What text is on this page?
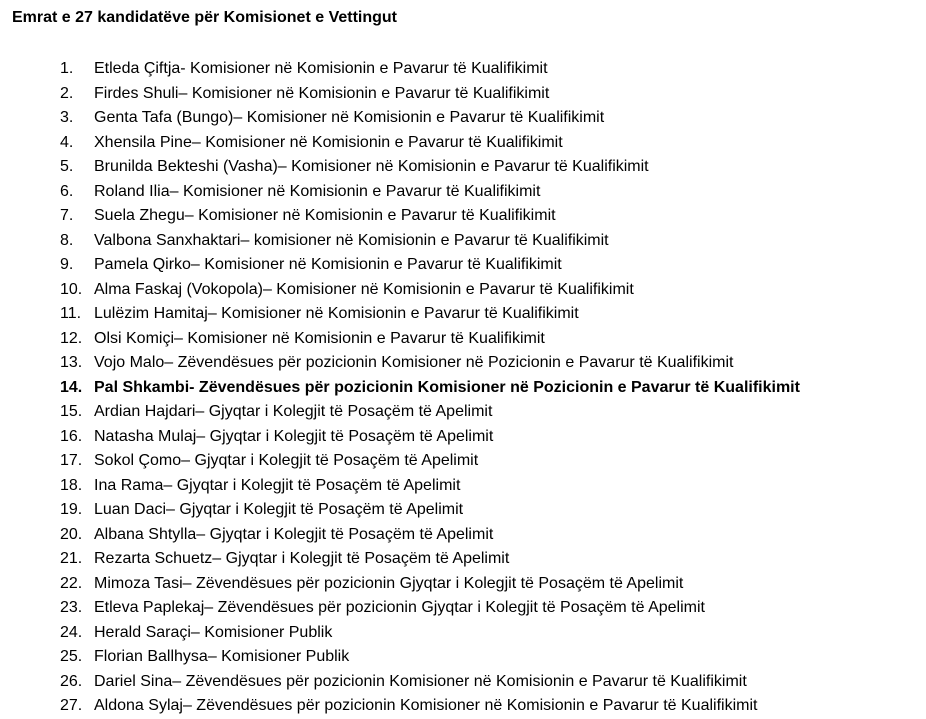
Emrat e 27 kandidatëve për Komisionet e Vettingut
1.	Etleda Çiftja- Komisioner në Komisionin e Pavarur të Kualifikimit
2.	Firdes Shuli– Komisioner në Komisionin e Pavarur të Kualifikimit
3.	Genta Tafa (Bungo)– Komisioner në Komisionin e Pavarur të Kualifikimit
4.	Xhensila Pine– Komisioner në Komisionin e Pavarur të Kualifikimit
5.	Brunilda Bekteshi (Vasha)– Komisioner në Komisionin e Pavarur të Kualifikimit
6.	Roland Ilia– Komisioner në Komisionin e Pavarur të Kualifikimit
7.	Suela Zhegu– Komisioner në Komisionin e Pavarur të Kualifikimit
8.	Valbona Sanxhaktari– komisioner në Komisionin e Pavarur të Kualifikimit
9.	Pamela Qirko– Komisioner në Komisionin e Pavarur të Kualifikimit
10. Alma Faskaj (Vokopola)– Komisioner në Komisionin e Pavarur të Kualifikimit
11. Lulëzim Hamitaj– Komisioner në Komisionin e Pavarur të Kualifikimit
12. Olsi Komiçi– Komisioner në Komisionin e Pavarur të Kualifikimit
13. Vojo Malo– Zëvendësues për pozicionin Komisioner në Pozicionin e Pavarur të Kualifikimit
14. Pal Shkambi- Zëvendësues për pozicionin Komisioner në Pozicionin e Pavarur të Kualifikimit
15. Ardian Hajdari– Gjyqtar i Kolegjit të Posaçëm të Apelimit
16. Natasha Mulaj– Gjyqtar i Kolegjit të Posaçëm të Apelimit
17. Sokol Çomo– Gjyqtar i Kolegjit të Posaçëm të Apelimit
18. Ina Rama– Gjyqtar i Kolegjit të Posaçëm të Apelimit
19. Luan Daci– Gjyqtar i Kolegjit të Posaçëm të Apelimit
20. Albana Shtylla– Gjyqtar i Kolegjit të Posaçëm të Apelimit
21. Rezarta Schuetz– Gjyqtar i Kolegjit të Posaçëm të Apelimit
22. Mimoza Tasi– Zëvendësues për pozicionin Gjyqtar i Kolegjit të Posaçëm të Apelimit
23. Etleva Paplekaj– Zëvendësues për pozicionin Gjyqtar i Kolegjit të Posaçëm të Apelimit
24. Herald Saraçi– Komisioner Publik
25. Florian Ballhysa– Komisioner Publik
26. Dariel Sina– Zëvendësues për pozicionin Komisioner në Komisionin e Pavarur të Kualifikimit
27. Aldona Sylaj– Zëvendësues për pozicionin Komisioner në Komisionin e Pavarur të Kualifikimit
